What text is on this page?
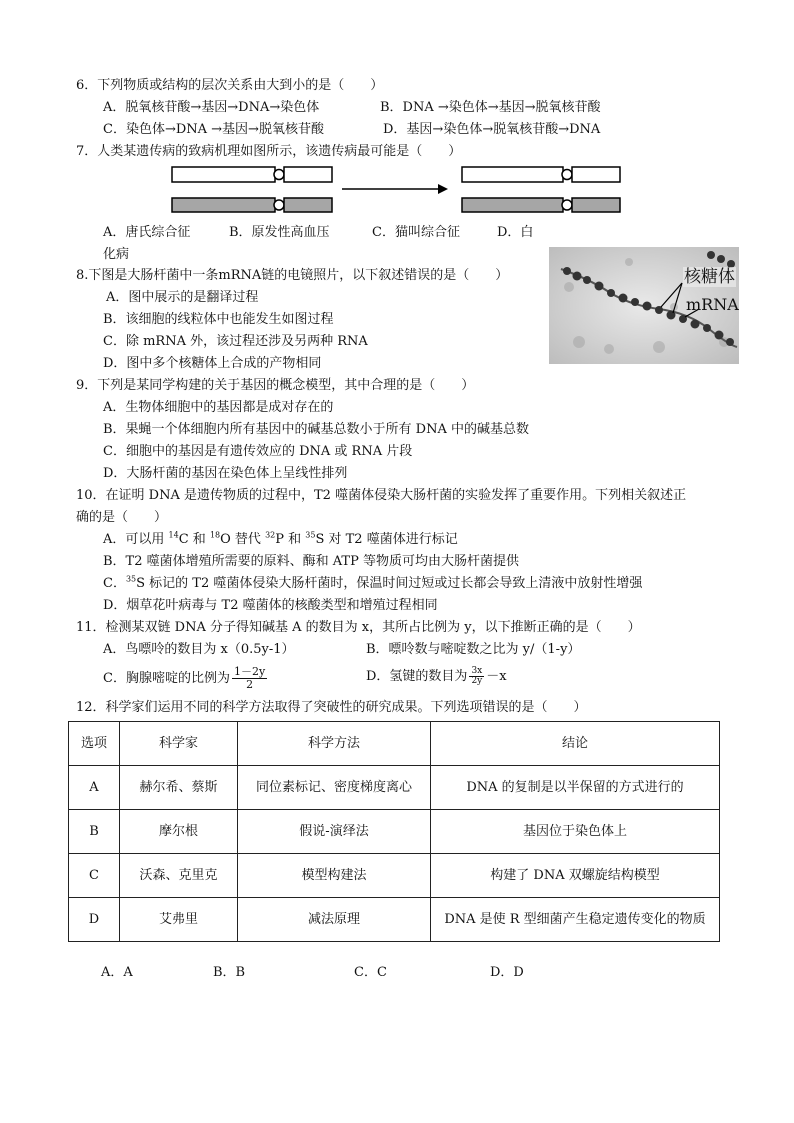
6．下列物质或结构的层次关系由大到小的是（　　）
A．脱氧核苷酸→基因→DNA→染色体	B．DNA →染色体→基因→脱氧核苷酸
C．染色体→DNA →基因→脱氧核苷酸	D．基因→染色体→脱氧核苷酸→DNA
7．人类某遗传病的致病机理如图所示，该遗传病最可能是（　　）
A．唐氏综合征	B．原发性高血压	C．猫叫综合征	D．白
化病
8.下图是大肠杆菌中一条mRNA链的电镜照片，以下叙述错误的是（　　）
A．图中展示的是翻译过程
B．该细胞的线粒体中也能发生如图过程
C．除 mRNA 外，该过程还涉及另两种 RNA
D．图中多个核糖体上合成的产物相同
核糖体
mRNA
9．下列是某同学构建的关于基因的概念模型，其中合理的是（　　）
A．生物体细胞中的基因都是成对存在的
B．果蝇一个体细胞内所有基因中的碱基总数小于所有 DNA 中的碱基总数
C．细胞中的基因是有遗传效应的 DNA 或 RNA 片段
D．大肠杆菌的基因在染色体上呈线性排列
10．在证明 DNA 是遗传物质的过程中，T2 噬菌体侵染大肠杆菌的实验发挥了重要作用。下列相关叙述正
确的是（　　）
A．可以用 $^{14}$C 和 $^{18}$O 替代 $^{32}$P 和 $^{35}$S 对 T2 噬菌体进行标记
B．T2 噬菌体增殖所需要的原料、酶和 ATP 等物质可均由大肠杆菌提供
C．$^{35}$S 标记的 T2 噬菌体侵染大肠杆菌时，保温时间过短或过长都会导致上清液中放射性增强
D．烟草花叶病毒与 T2 噬菌体的核酸类型和增殖过程相同
11．检测某双链 DNA 分子得知碱基 A 的数目为 x，其所占比例为 y，以下推断正确的是（　　）
A．鸟嘌呤的数目为 x（0.5y-1）	B．嘌呤数与嘧啶数之比为 y/（1-y）
C．胸腺嘧啶的比例为 $\frac{1-2y}{2}$	D．氢键的数目为 $\frac{3x}{2y} -x$
12．科学家们运用不同的科学方法取得了突破性的研究成果。下列选项错误的是（　　）
选项	科学家	科学方法	结论
A	赫尔希、蔡斯	同位素标记、密度梯度离心	DNA 的复制是以半保留的方式进行的
B	摩尔根	假说-演绎法	基因位于染色体上
C	沃森、克里克	模型构建法	构建了 DNA 双螺旋结构模型
D	艾弗里	减法原理	DNA 是使 R 型细菌产生稳定遗传变化的物质
A．A	B．B	C．C	D．D
